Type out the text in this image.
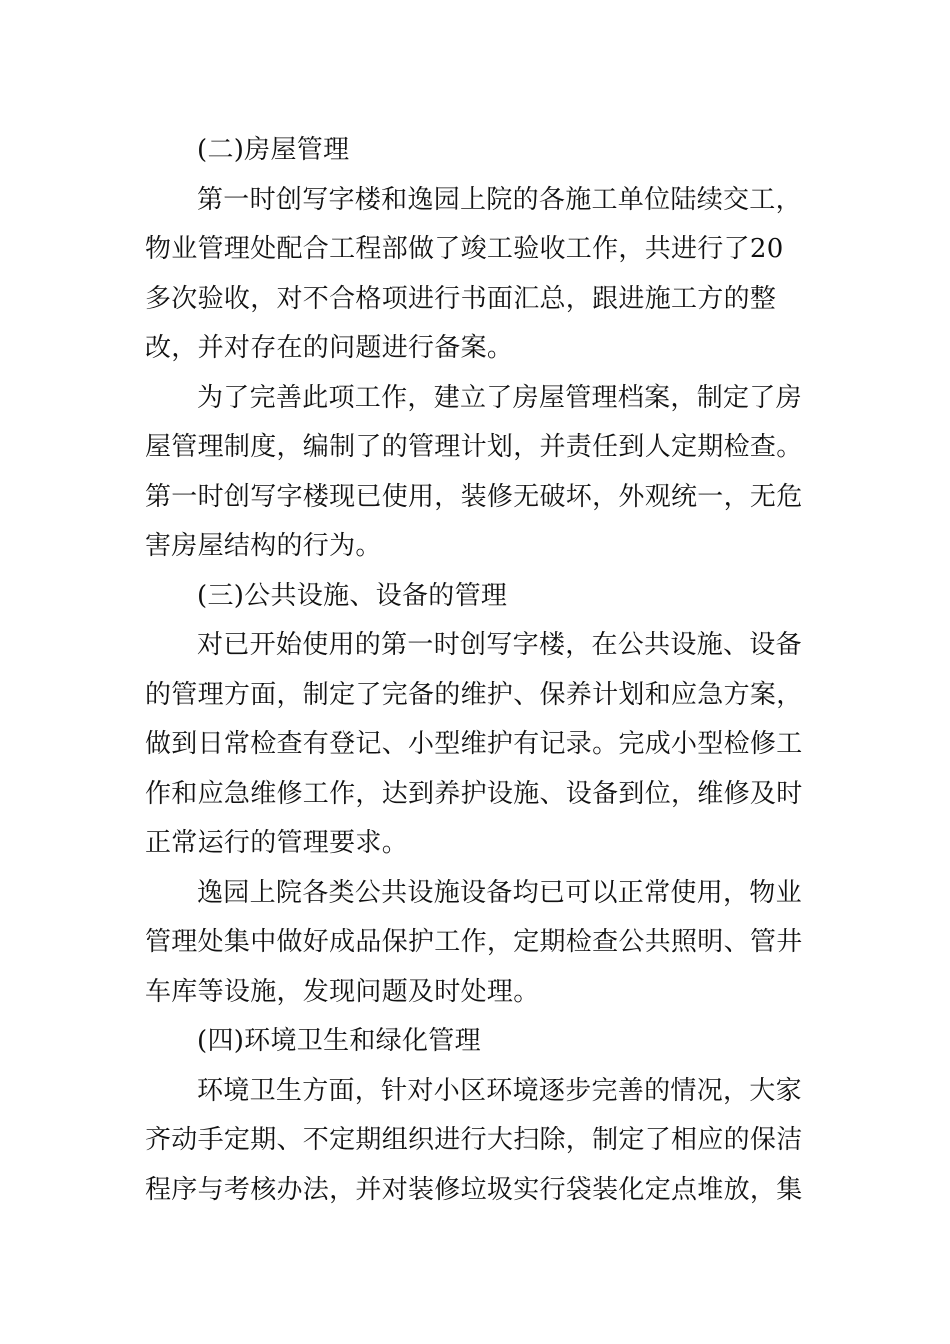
(二)房屋管理

第一时创写字楼和逸园上院的各施工单位陆续交工，物业管理处配合工程部做了竣工验收工作，共进行了20多次验收，对不合格项进行书面汇总，跟进施工方的整改，并对存在的问题进行备案。

为了完善此项工作，建立了房屋管理档案，制定了房屋管理制度，编制了的管理计划，并责任到人定期检查。第一时创写字楼现已使用，装修无破坏，外观统一，无危害房屋结构的行为。

(三)公共设施、设备的管理

对已开始使用的第一时创写字楼，在公共设施、设备的管理方面，制定了完备的维护、保养计划和应急方案，做到日常检查有登记、小型维护有记录。完成小型检修工作和应急维修工作，达到养护设施、设备到位，维修及时正常运行的管理要求。

逸园上院各类公共设施设备均已可以正常使用，物业管理处集中做好成品保护工作，定期检查公共照明、管井车库等设施，发现问题及时处理。

(四)环境卫生和绿化管理

环境卫生方面，针对小区环境逐步完善的情况，大家齐动手定期、不定期组织进行大扫除，制定了相应的保洁程序与考核办法，并对装修垃圾实行袋装化定点堆放，集
